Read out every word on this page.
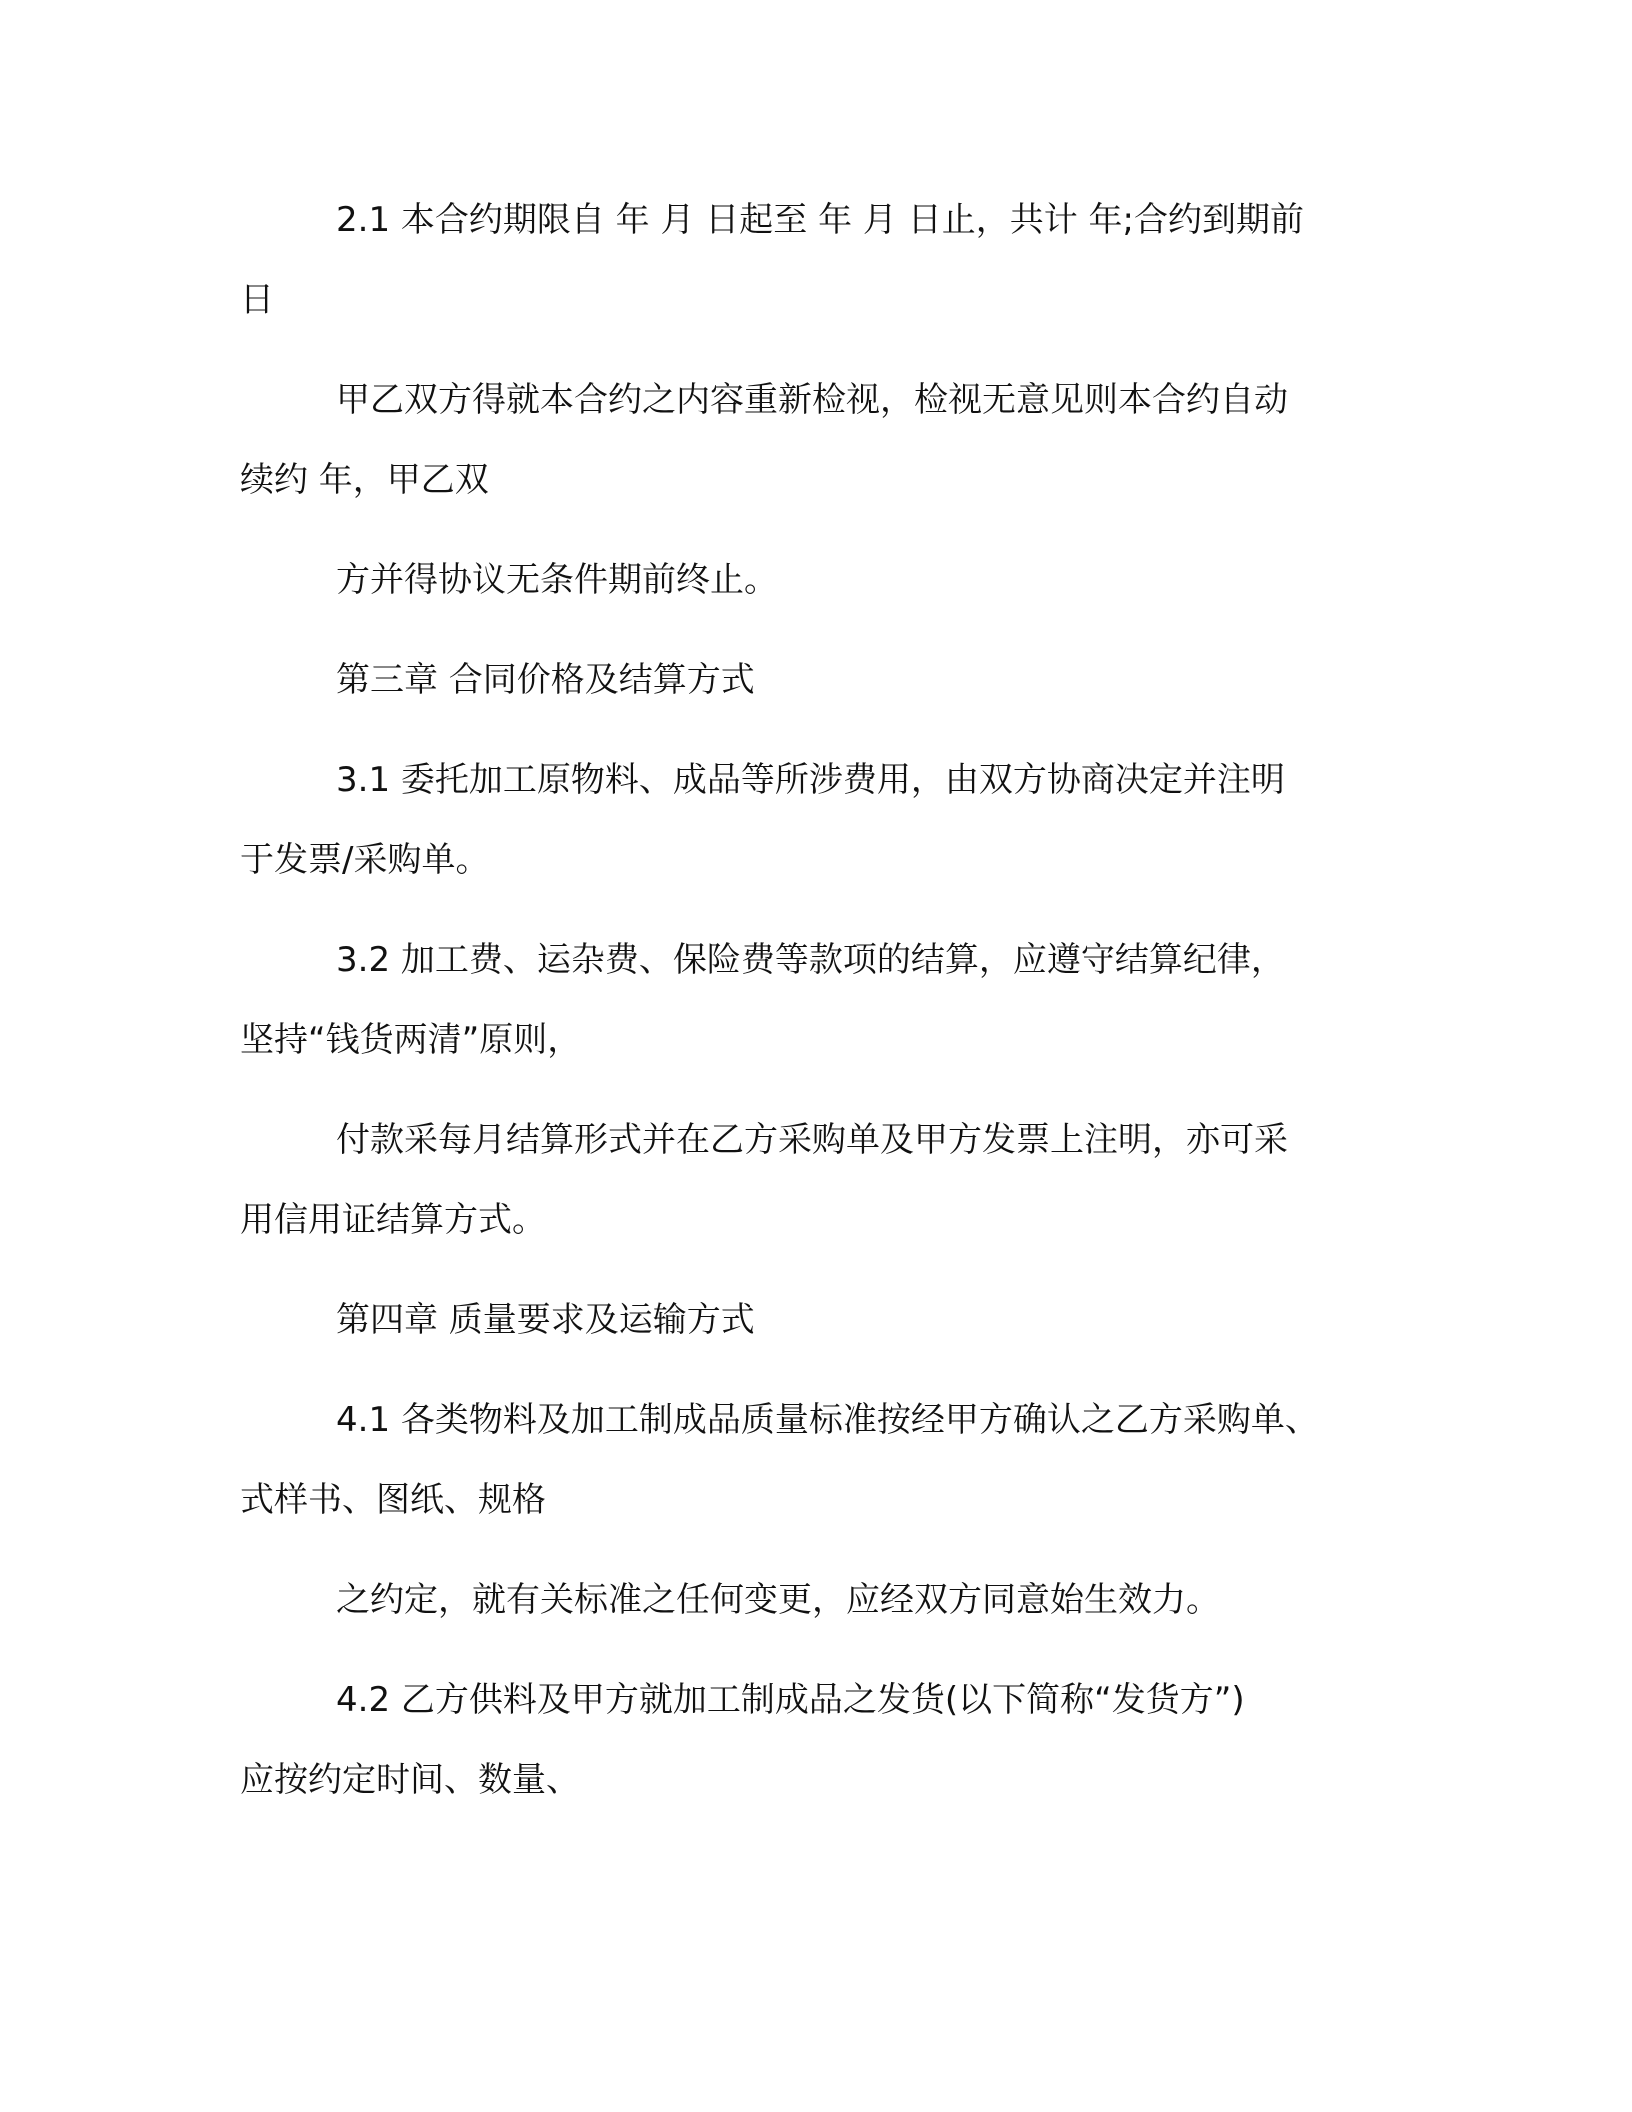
2.1 本合约期限自 年 月 日起至 年 月 日止，共计 年;合约到期前
日
甲乙双方得就本合约之内容重新检视，检视无意见则本合约自动
续约 年，甲乙双
方并得协议无条件期前终止。
第三章 合同价格及结算方式
3.1 委托加工原物料、成品等所涉费用，由双方协商决定并注明
于发票/采购单。
3.2 加工费、运杂费、保险费等款项的结算，应遵守结算纪律，
坚持“钱货两清”原则，
付款采每月结算形式并在乙方采购单及甲方发票上注明，亦可采
用信用证结算方式。
第四章 质量要求及运输方式
4.1 各类物料及加工制成品质量标准按经甲方确认之乙方采购单、
式样书、图纸、规格
之约定，就有关标准之任何变更，应经双方同意始生效力。
4.2 乙方供料及甲方就加工制成品之发货(以下简称“发货方”)
应按约定时间、数量、
